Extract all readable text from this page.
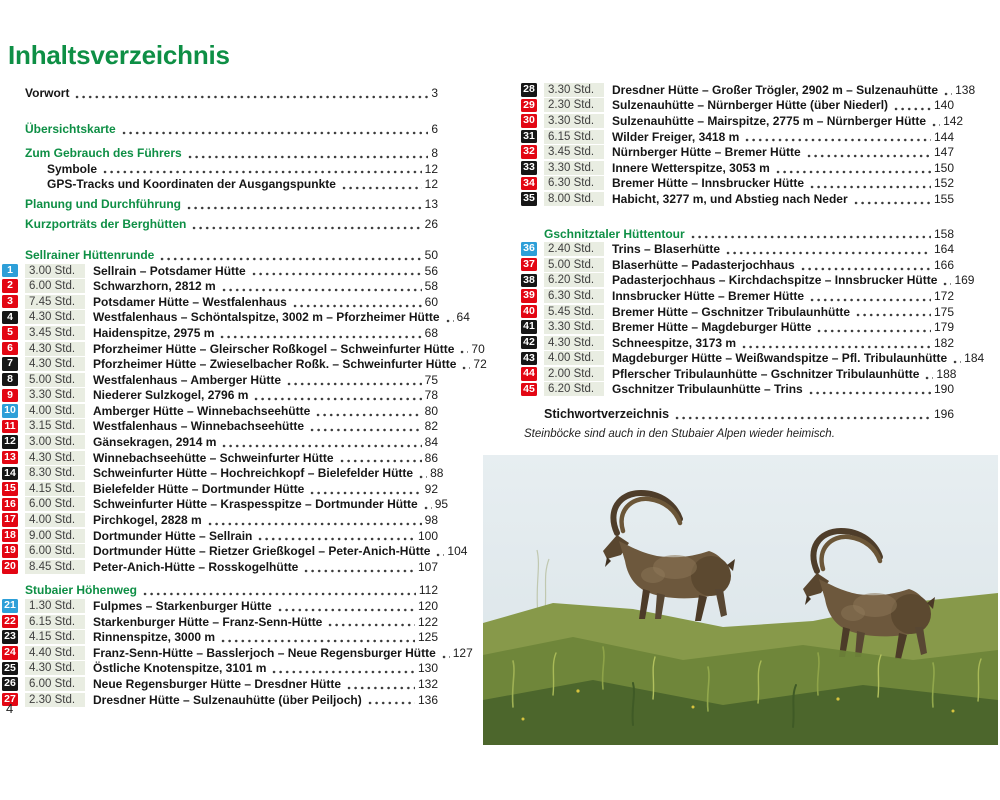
Inhaltsverzeichnis
Vorwort	3
Übersichtskarte	6
Zum Gebrauch des Führers	8
Symbole	12
GPS-Tracks und Koordinaten der Ausgangspunkte	12
Planung und Durchführung	13
Kurzporträts der Berghütten	26
Sellrainer Hüttenrunde	50
1	3.00 Std.	Sellrain – Potsdamer Hütte	56
2	6.00 Std.	Schwarzhorn, 2812 m	58
3	7.45 Std.	Potsdamer Hütte – Westfalenhaus	60
4	4.30 Std.	Westfalenhaus – Schöntalspitze, 3002 m – Pforzheimer Hütte 64
5	3.45 Std.	Haidenspitze, 2975 m	68
6	4.30 Std.	Pforzheimer Hütte – Gleirscher Roßkogel – Schweinfurter Hütte 70
7	4.30 Std.	Pforzheimer Hütte – Zwieselbacher Roßk. – Schweinfurter Hütte 72
8	5.00 Std.	Westfalenhaus – Amberger Hütte	75
9	3.30 Std.	Niederer Sulzkogel, 2796 m	78
10	4.00 Std.	Amberger Hütte – Winnebachseehütte	80
11	3.15 Std.	Westfalenhaus – Winnebachseehütte	82
12	3.00 Std.	Gänsekragen, 2914 m	84
13	4.30 Std.	Winnebachseehütte – Schweinfurter Hütte	86
14	8.30 Std.	Schweinfurter Hütte – Hochreichkopf – Bielefelder Hütte 88
15	4.15 Std.	Bielefelder Hütte – Dortmunder Hütte	92
16	6.00 Std.	Schweinfurter Hütte – Kraspesspitze – Dortmunder Hütte 95
17	4.00 Std.	Pirchkogel, 2828 m	98
18	9.00 Std.	Dortmunder Hütte – Sellrain	100
19	6.00 Std.	Dortmunder Hütte – Rietzer Grießkogel – Peter-Anich-Hütte 104
20	8.45 Std.	Peter-Anich-Hütte – Rosskogelhütte	107
Stubaier Höhenweg	112
21	1.30 Std.	Fulpmes – Starkenburger Hütte	120
22	6.15 Std.	Starkenburger Hütte – Franz-Senn-Hütte	122
23	4.15 Std.	Rinnenspitze, 3000 m	125
24	4.40 Std.	Franz-Senn-Hütte – Basslerjoch – Neue Regensburger Hütte 127
25	4.30 Std.	Östliche Knotenspitze, 3101 m	130
26	6.00 Std.	Neue Regensburger Hütte – Dresdner Hütte	132
27	2.30 Std.	Dresdner Hütte – Sulzenauhütte (über Peiljoch)	136
28	3.30 Std.	Dresdner Hütte – Großer Trögler, 2902 m – Sulzenauhütte 138
29	2.30 Std.	Sulzenauhütte – Nürnberger Hütte (über Niederl)	140
30	3.30 Std.	Sulzenauhütte – Mairspitze, 2775 m – Nürnberger Hütte 142
31	6.15 Std.	Wilder Freiger, 3418 m	144
32	3.45 Std.	Nürnberger Hütte – Bremer Hütte	147
33	3.30 Std.	Innere Wetterspitze, 3053 m	150
34	6.30 Std.	Bremer Hütte – Innsbrucker Hütte	152
35	8.00 Std.	Habicht, 3277 m, und Abstieg nach Neder	155
Gschnitztaler Hüttentour	158
36	2.40 Std.	Trins – Blaserhütte	164
37	5.00 Std.	Blaserhütte – Padasterjochhaus	166
38	6.20 Std.	Padasterjochhaus – Kirchdachspitze – Innsbrucker Hütte 169
39	6.30 Std.	Innsbrucker Hütte – Bremer Hütte	172
40	5.45 Std.	Bremer Hütte – Gschnitzer Tribulaunhütte	175
41	3.30 Std.	Bremer Hütte – Magdeburger Hütte	179
42	4.30 Std.	Schneespitze, 3173 m	182
43	4.00 Std.	Magdeburger Hütte – Weißwandspitze – Pfl. Tribulaunhütte 184
44	2.00 Std.	Pflerscher Tribulaunhütte – Gschnitzer Tribulaunhütte 188
45	6.20 Std.	Gschnitzer Tribulaunhütte – Trins	190
Stichwortverzeichnis	196
Steinböcke sind auch in den Stubaier Alpen wieder heimisch.
4
